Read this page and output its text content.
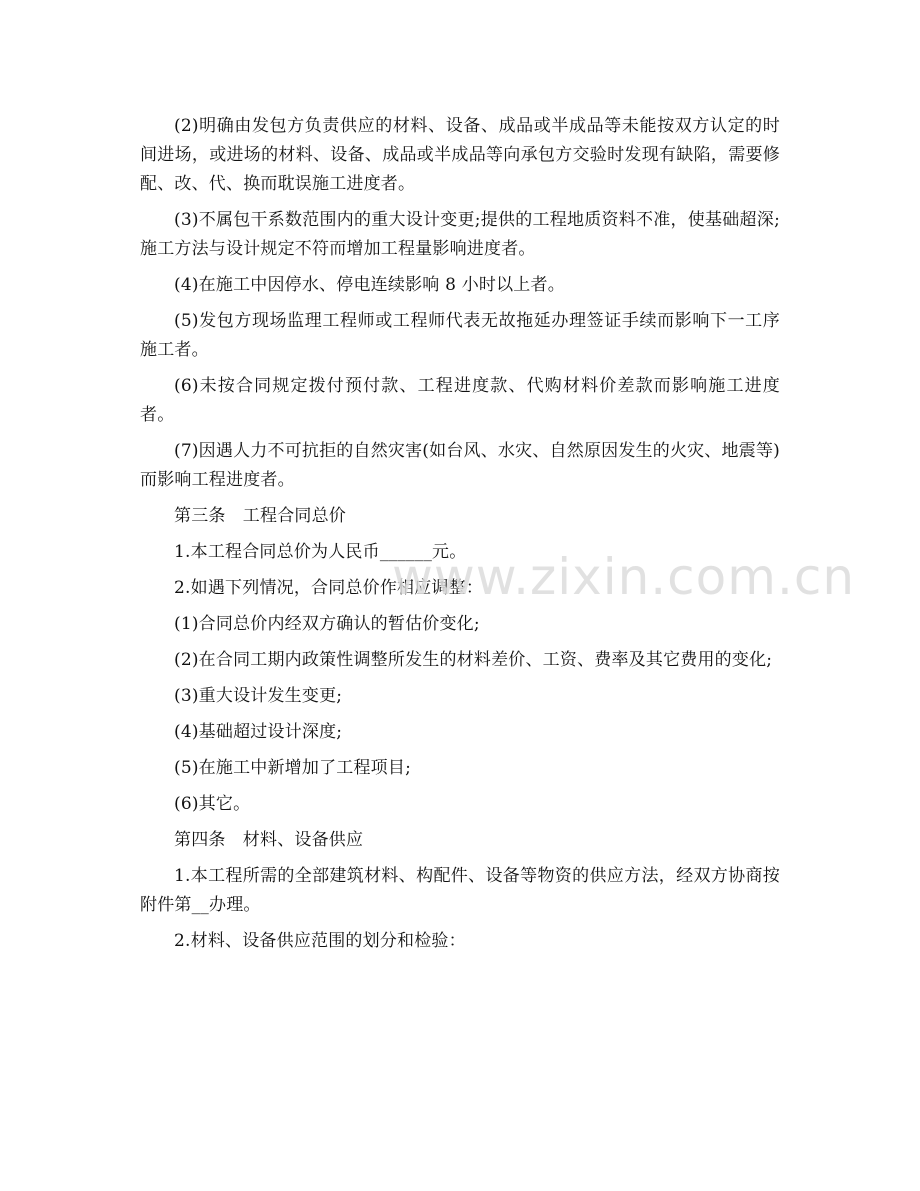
(2)明确由发包方负责供应的材料、设备、成品或半成品等未能按双方认定的时间进场，或进场的材料、设备、成品或半成品等向承包方交验时发现有缺陷，需要修配、改、代、换而耽误施工进度者。

(3)不属包干系数范围内的重大设计变更;提供的工程地质资料不准，使基础超深;施工方法与设计规定不符而增加工程量影响进度者。

(4)在施工中因停水、停电连续影响 8 小时以上者。

(5)发包方现场监理工程师或工程师代表无故拖延办理签证手续而影响下一工序施工者。

(6)未按合同规定拨付预付款、工程进度款、代购材料价差款而影响施工进度者。

(7)因遇人力不可抗拒的自然灾害(如台风、水灾、自然原因发生的火灾、地震等)而影响工程进度者。

第三条　工程合同总价

1.本工程合同总价为人民币______元。

2.如遇下列情况，合同总价作相应调整：

(1)合同总价内经双方确认的暂估价变化;

(2)在合同工期内政策性调整所发生的材料差价、工资、费率及其它费用的变化;

(3)重大设计发生变更;

(4)基础超过设计深度;

(5)在施工中新增加了工程项目;

(6)其它。

第四条　材料、设备供应

1.本工程所需的全部建筑材料、构配件、设备等物资的供应方法，经双方协商按附件第__办理。

2.材料、设备供应范围的划分和检验：

www.zixin.com.cn
